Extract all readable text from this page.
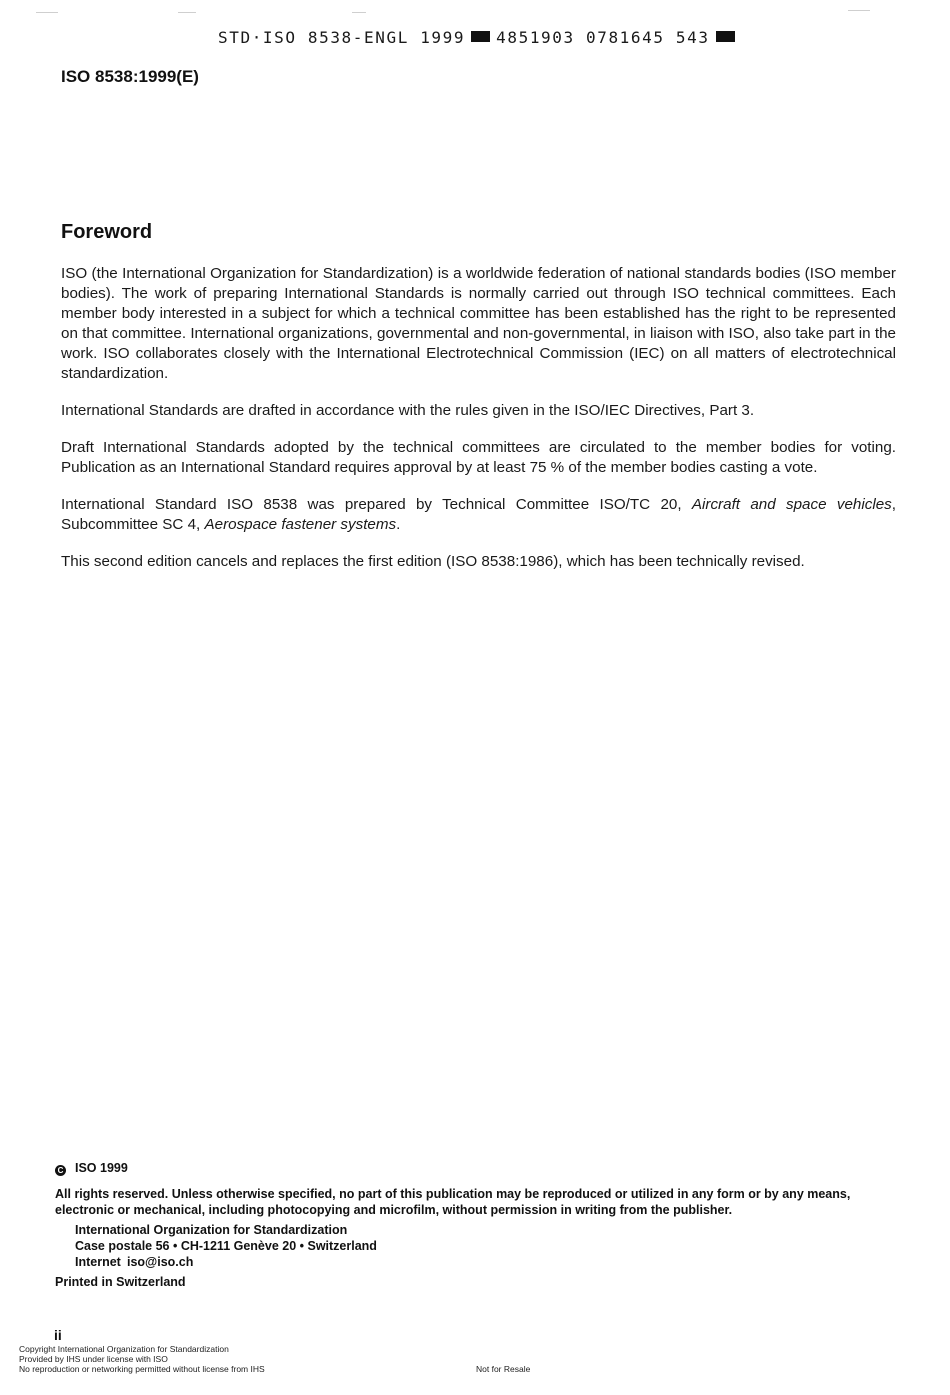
STD·ISO 8538-ENGL 1999 4851903 0781645 543
ISO 8538:1999(E)
Foreword

ISO (the International Organization for Standardization) is a worldwide federation of national standards bodies (ISO member bodies). The work of preparing International Standards is normally carried out through ISO technical committees. Each member body interested in a subject for which a technical committee has been established has the right to be represented on that committee. International organizations, governmental and non-governmental, in liaison with ISO, also take part in the work. ISO collaborates closely with the International Electrotechnical Commission (IEC) on all matters of electrotechnical standardization.

International Standards are drafted in accordance with the rules given in the ISO/IEC Directives, Part 3.

Draft International Standards adopted by the technical committees are circulated to the member bodies for voting. Publication as an International Standard requires approval by at least 75 % of the member bodies casting a vote.

International Standard ISO 8538 was prepared by Technical Committee ISO/TC 20, Aircraft and space vehicles, Subcommittee SC 4, Aerospace fastener systems.

This second edition cancels and replaces the first edition (ISO 8538:1986), which has been technically revised.

C ISO 1999
All rights reserved. Unless otherwise specified, no part of this publication may be reproduced or utilized in any form or by any means, electronic or mechanical, including photocopying and microfilm, without permission in writing from the publisher.
International Organization for Standardization
Case postale 56 • CH-1211 Genève 20 • Switzerland
Internet iso@iso.ch
Printed in Switzerland
ii
Copyright International Organization for Standardization
Provided by IHS under license with ISO
No reproduction or networking permitted without license from IHS	Not for Resale
